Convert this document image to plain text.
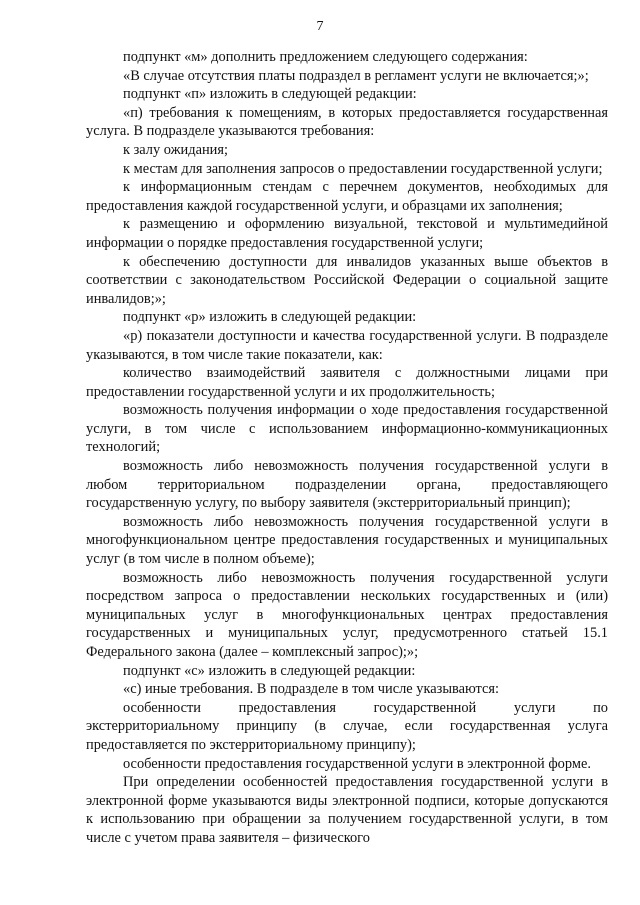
7

подпункт «м» дополнить предложением следующего содержания:

«В случае отсутствия платы подраздел в регламент услуги не включается;»;

подпункт «п» изложить в следующей редакции:

«п) требования к помещениям, в которых предоставляется государственная услуга. В подразделе указываются требования:

к залу ожидания;

к местам для заполнения запросов о предоставлении государственной услуги;

к информационным стендам с перечнем документов, необходимых для предоставления каждой государственной услуги, и образцами их заполнения;

к размещению и оформлению визуальной, текстовой и мультимедийной информации о порядке предоставления государственной услуги;

к обеспечению доступности для инвалидов указанных выше объектов в соответствии с законодательством Российской Федерации о социальной защите инвалидов;»;

подпункт «р» изложить в следующей редакции:

«р) показатели доступности и качества государственной услуги. В подразделе указываются, в том числе такие показатели, как:

количество взаимодействий заявителя с должностными лицами при предоставлении государственной услуги и их продолжительность;

возможность получения информации о ходе предоставления государственной услуги, в том числе с использованием информационно-коммуникационных технологий;

возможность либо невозможность получения государственной услуги в любом территориальном подразделении органа, предоставляющего государственную услугу, по выбору заявителя (экстерриториальный принцип);

возможность либо невозможность получения государственной услуги в многофункциональном центре предоставления государственных и муниципальных услуг (в том числе в полном объеме);

возможность либо невозможность получения государственной услуги посредством запроса о предоставлении нескольких государственных и (или) муниципальных услуг в многофункциональных центрах предоставления государственных и муниципальных услуг, предусмотренного статьей 15.1 Федерального закона (далее – комплексный запрос);»;

подпункт «с» изложить в следующей редакции:

«с) иные требования. В подразделе в том числе указываются:

особенности предоставления государственной услуги по экстерриториальному принципу (в случае, если государственная услуга предоставляется по экстерриториальному принципу);

особенности предоставления государственной услуги в электронной форме.

При определении особенностей предоставления государственной услуги в электронной форме указываются виды электронной подписи, которые допускаются к использованию при обращении за получением государственной услуги, в том числе с учетом права заявителя – физического
